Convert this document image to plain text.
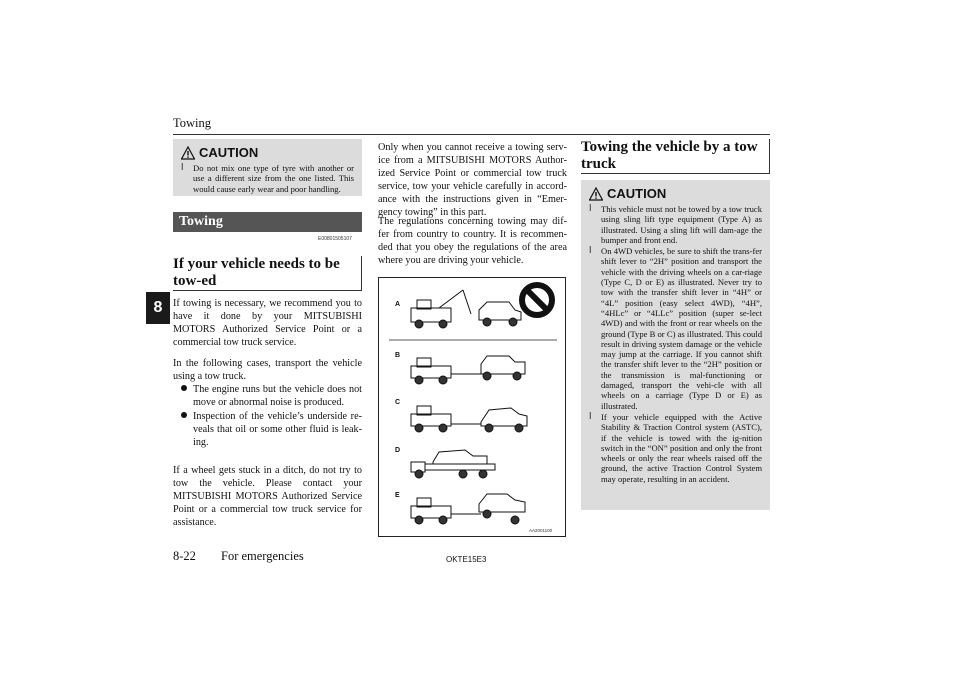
Towing
8
CAUTION
l Do not mix one type of tyre with another or use a different size from the one listed. This would cause early wear and poor handling.
Towing
E00801505107
If your vehicle needs to be tow-ed
If towing is necessary, we recommend you to have it done by your MITSUBISHI MOTORS Authorized Service Point or a commercial tow truck service.
In the following cases, transport the vehicle using a tow truck.
The engine runs but the vehicle does not move or abnormal noise is produced.
Inspection of the vehicle’s underside re-veals that oil or some other fluid is leak-ing.
If a wheel gets stuck in a ditch, do not try to tow the vehicle. Please contact your MITSUBISHI MOTORS Authorized Service Point or a commercial tow truck service for assistance.
Only when you cannot receive a towing serv-ice from a MITSUBISHI MOTORS Author-ized Service Point or commercial tow truck service, tow your vehicle carefully in accord-ance with the instructions given in “Emer-gency towing” in this part.
The regulations concerning towing may dif-fer from country to country. It is recommen-ded that you obey the regulations of the area where you are driving your vehicle.
A
B
C
D
E
AA2001100
Towing the vehicle by a tow truck
CAUTION
l This vehicle must not be towed by a tow truck using sling lift type equipment (Type A) as illustrated. Using a sling lift will dam-age the bumper and front end.
l On 4WD vehicles, be sure to shift the trans-fer shift lever to “2H” position and transport the vehicle with the driving wheels on a car-riage (Type C, D or E) as illustrated. Never try to tow with the transfer shift lever in “4H” or “4L” position (easy select 4WD), “4H”, “4HLc” or “4LLc” position (super se-lect 4WD) and with the front or rear wheels on the ground (Type B or C) as illustrated. This could result in driving system damage or the vehicle may jump at the carriage. If you cannot shift the transfer shift lever to the “2H” position or the transmission is mal-functioning or damaged, transport the vehi-cle with all wheels on a carriage (Type D or E) as illustrated.
l If your vehicle equipped with the Active Stability & Traction Control system (ASTC), if the vehicle is towed with the ig-nition switch in the “ON” position and only the front wheels or only the rear wheels raised off the ground, the active Traction Control System may operate, resulting in an accident.
8-22 For emergencies	OKTE15E3
